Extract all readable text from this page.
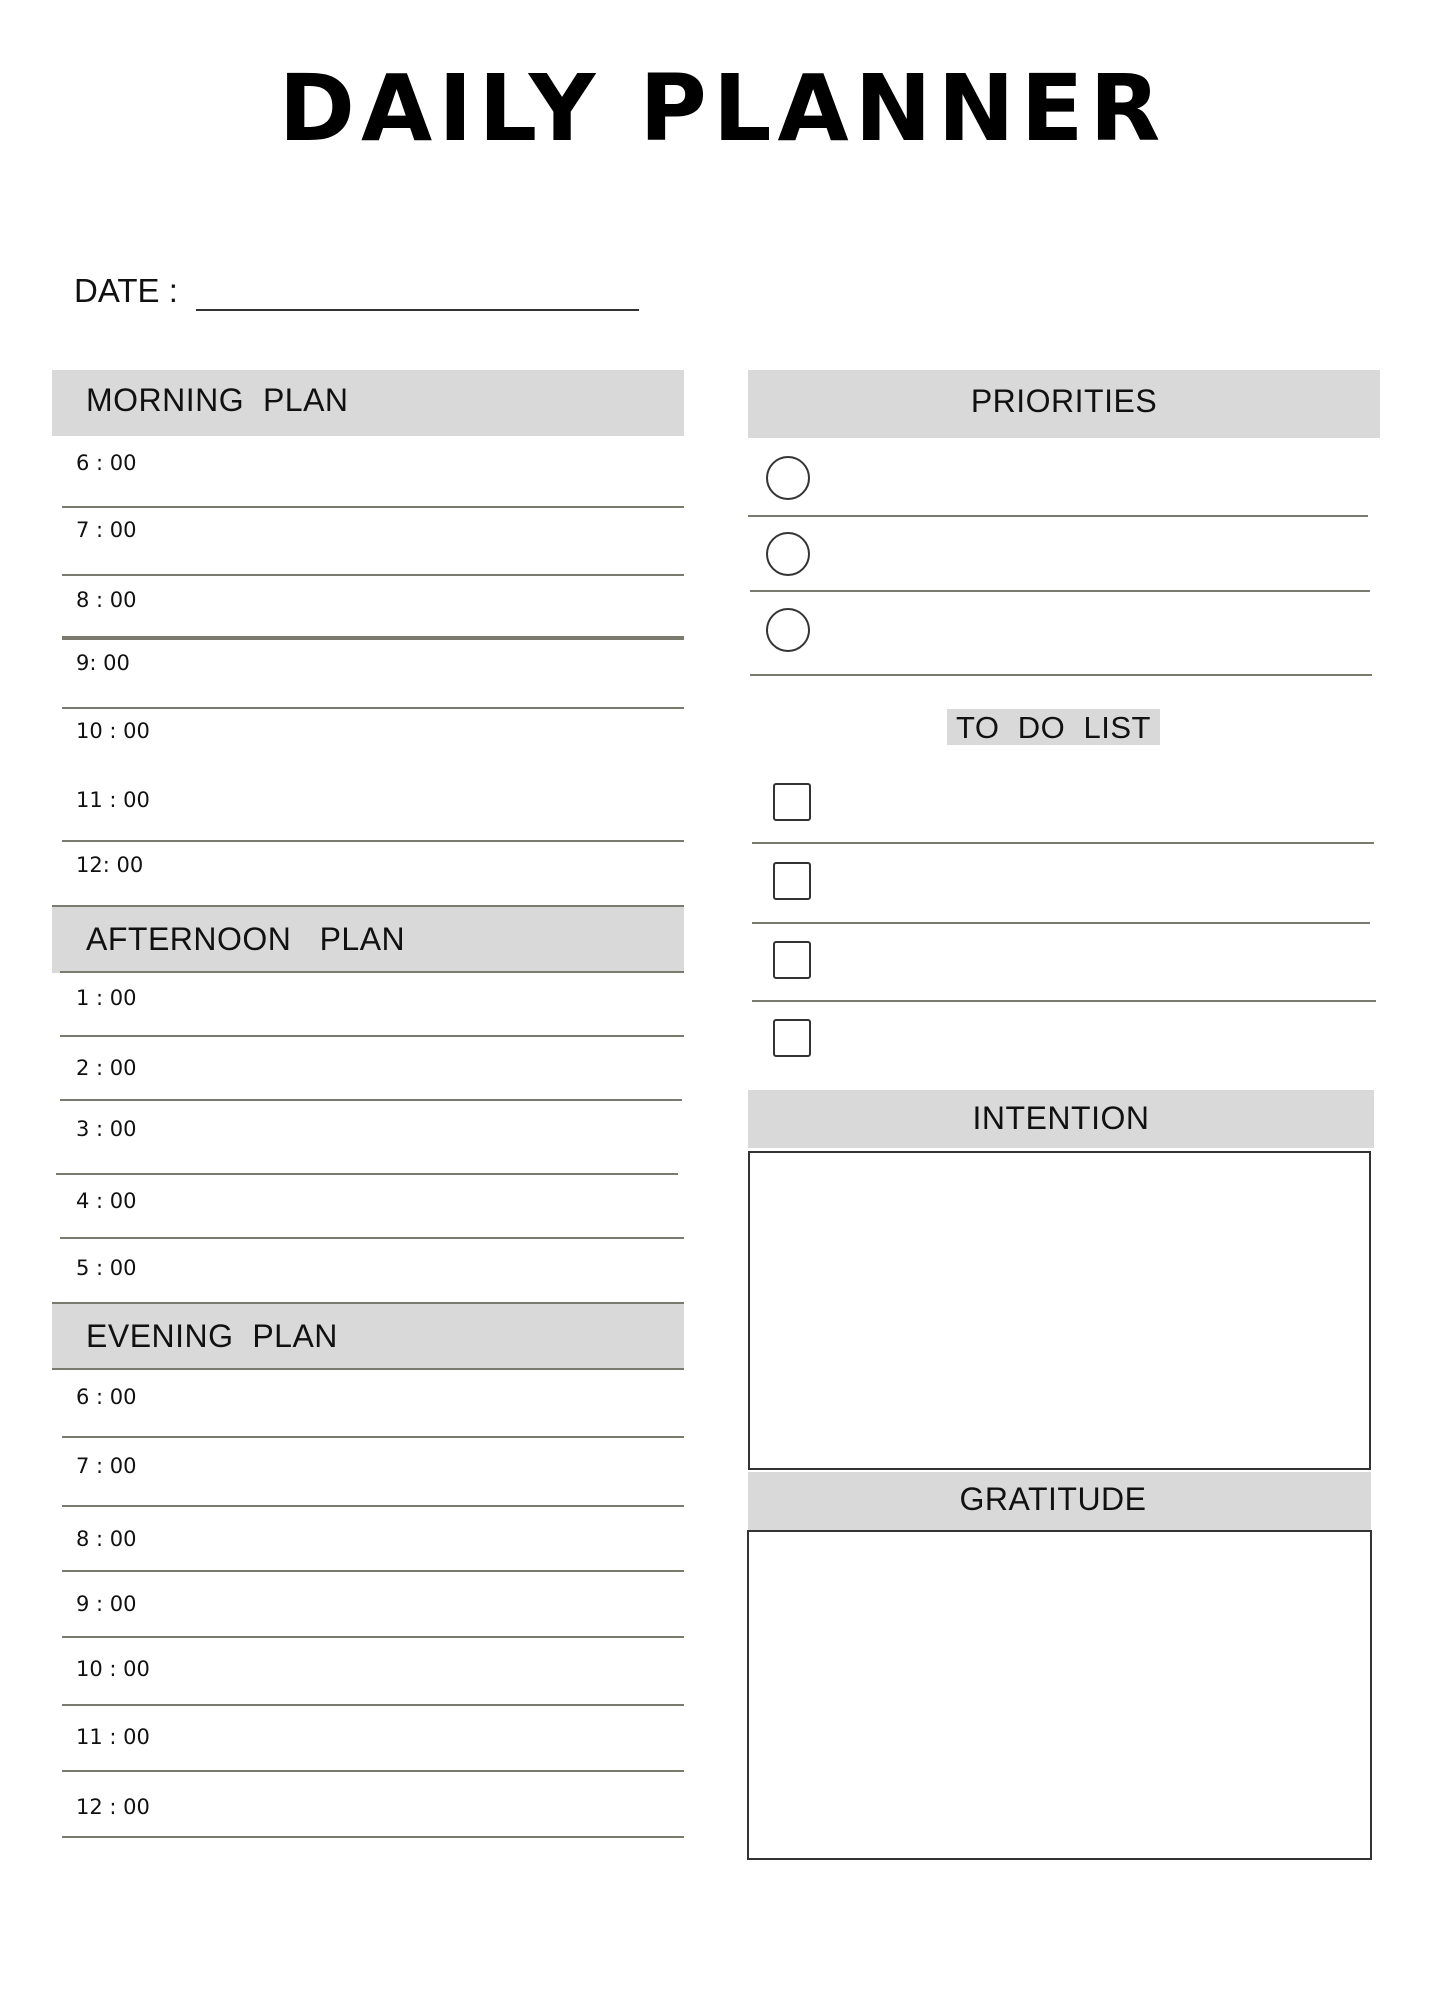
DAILY PLANNER
DATE :
MORNING  PLAN
6 : 00
7 : 00
8 : 00
9: 00
10 : 00
11 : 00
12: 00
AFTERNOON   PLAN
1 : 00
2 : 00
3 : 00
4 : 00
5 : 00
EVENING  PLAN
6 : 00
7 : 00
8 : 00
9 : 00
10 : 00
11 : 00
12 : 00
PRIORITIES
TO  DO  LIST
INTENTION
GRATITUDE
